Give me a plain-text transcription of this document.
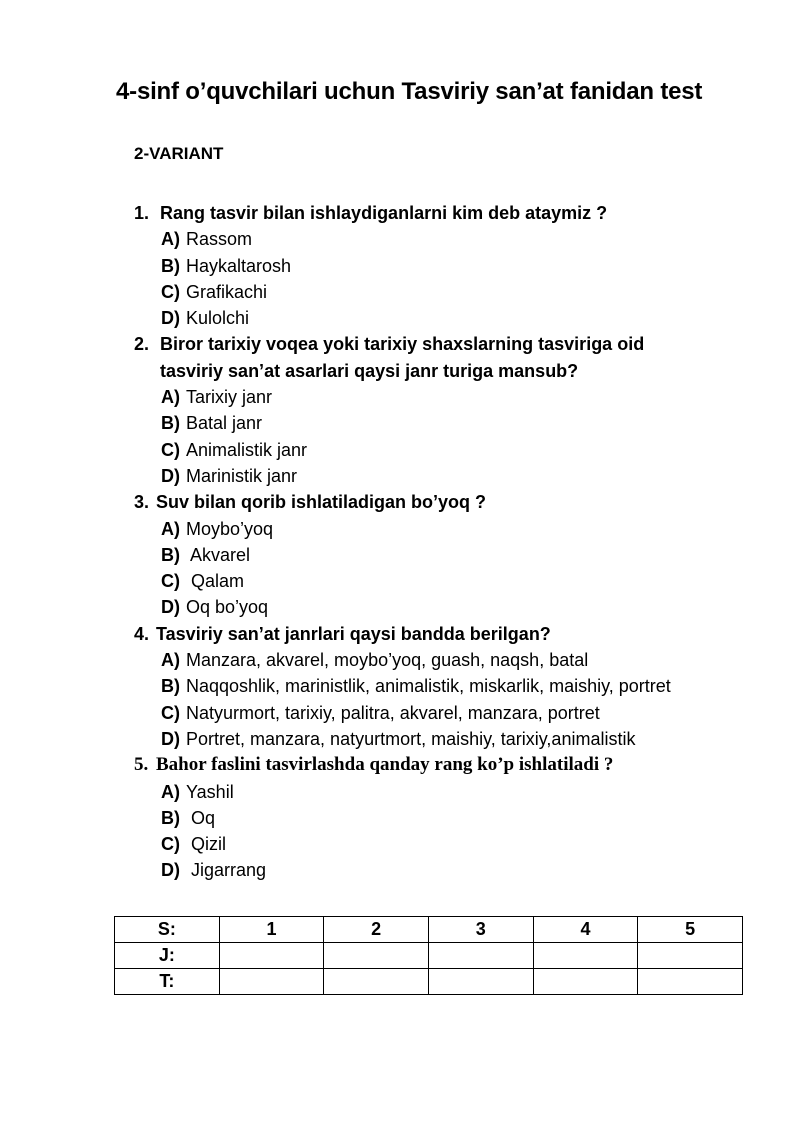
4-sinf o’quvchilari uchun Tasviriy san’at fanidan test
2-VARIANT
1. Rang tasvir bilan ishlaydiganlarni kim deb ataymiz ?
A) Rassom
B) Haykaltarosh
C) Grafikachi
D) Kulolchi
2. Biror tarixiy voqea yoki tarixiy shaxslarning tasviriga oid
tasviriy san’at asarlari qaysi janr turiga mansub?
A) Tarixiy janr
B) Batal janr
C) Animalistik janr
D) Marinistik janr
3. Suv bilan qorib ishlatiladigan bo’yoq ?
A) Moybo’yoq
B) Akvarel
C) Qalam
D) Oq bo’yoq
4. Tasviriy san’at janrlari qaysi bandda berilgan?
A) Manzara, akvarel, moybo’yoq, guash, naqsh, batal
B) Naqqoshlik, marinistlik, animalistik, miskarlik, maishiy, portret
C) Natyurmort, tarixiy, palitra, akvarel, manzara, portret
D) Portret, manzara, natyurtmort, maishiy, tarixiy,animalistik
5. Bahor faslini tasvirlashda qanday rang ko’p ishlatiladi ?
A) Yashil
B) Oq
C) Qizil
D) Jigarrang
S:	1	2	3	4	5
J:					
T:					
